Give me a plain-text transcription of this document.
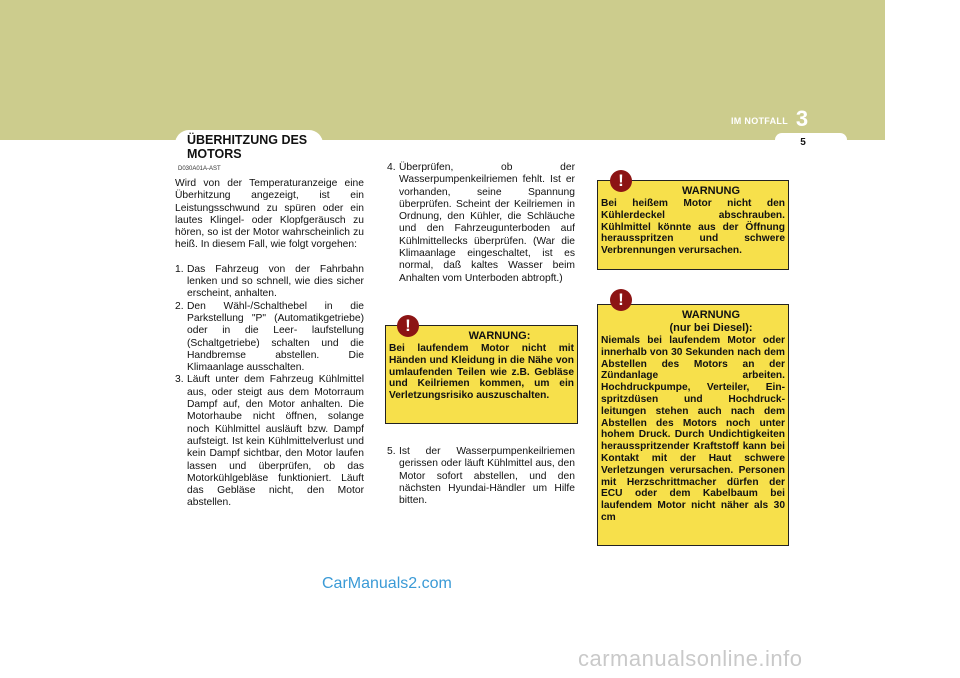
IM NOTFALL 3
5
ÜBERHITZUNG DES MOTORS
D030A01A-AST

Wird von der Temperaturanzeige eine Überhitzung angezeigt, ist ein Leistungsschwund zu spüren oder ein lautes Klingel- oder Klopfgeräusch zu hören, so ist der Motor wahrscheinlich zu heiß. In diesem Fall, wie folgt vorgehen:

1. Das Fahrzeug von der Fahrbahn lenken und so schnell, wie dies sicher erscheint, anhalten.
2. Den Wähl-/Schalthebel in die Parkstellung "P" (Automatikgetriebe) oder in die Leer- laufstellung (Schaltgetriebe) schalten und die Handbremse abstellen. Die Klimaanlage ausschalten.
3. Läuft unter dem Fahrzeug Kühlmittel aus, oder steigt aus dem Motorraum Dampf auf, den Motor anhalten. Die Motorhaube nicht öffnen, solange noch Kühlmittel ausläuft bzw. Dampf aufsteigt. Ist kein Kühlmittelverlust und kein Dampf sichtbar, den Motor laufen lassen und überprüfen, ob das Motorkühlgebläse funktioniert. Läuft das Gebläse nicht, den Motor abstellen.
4. Überprüfen, ob der Wasserpumpenkeilriemen fehlt. Ist er vorhanden, seine Spannung überprüfen. Scheint der Keilriemen in Ordnung, den Kühler, die Schläuche und den Fahrzeugunterboden auf Kühlmittellecks überprüfen. (War die Klimaanlage eingeschaltet, ist es normal, daß kaltes Wasser beim Anhalten vom Unterboden abtropft.)
WARNUNG:
Bei laufendem Motor nicht mit Händen und Kleidung in die Nähe von umlaufenden Teilen wie z.B. Gebläse und Keilriemen kommen, um ein Verletzungsrisiko auszuschalten.
!
5. Ist der Wasserpumpenkeilriemen gerissen oder läuft Kühlmittel aus, den Motor sofort abstellen, und den nächsten Hyundai-Händler um Hilfe bitten.
WARNUNG
Bei heißem Motor nicht den Kühlerdeckel abschrauben. Kühlmittel könnte aus der Öffnung herausspritzen und schwere Verbrennungen verursachen.
!
WARNUNG
(nur bei Diesel):
Niemals bei laufendem Motor oder innerhalb von 30 Sekunden nach dem Abstellen des Motors an der Zündanlage arbeiten. Hochdruckpumpe, Verteiler, Ein- spritzdüsen und Hochdruck- leitungen stehen auch nach dem Abstellen des Motors noch unter hohem Druck. Durch Undichtigkeiten herausspritzender Kraftstoff kann bei Kontakt mit der Haut schwere Verletzungen verursachen. Personen mit Herzschrittmacher dürfen der ECU oder dem Kabelbaum bei laufendem Motor nicht näher als 30 cm
!
CarManuals2.com
carmanualsonline.info
